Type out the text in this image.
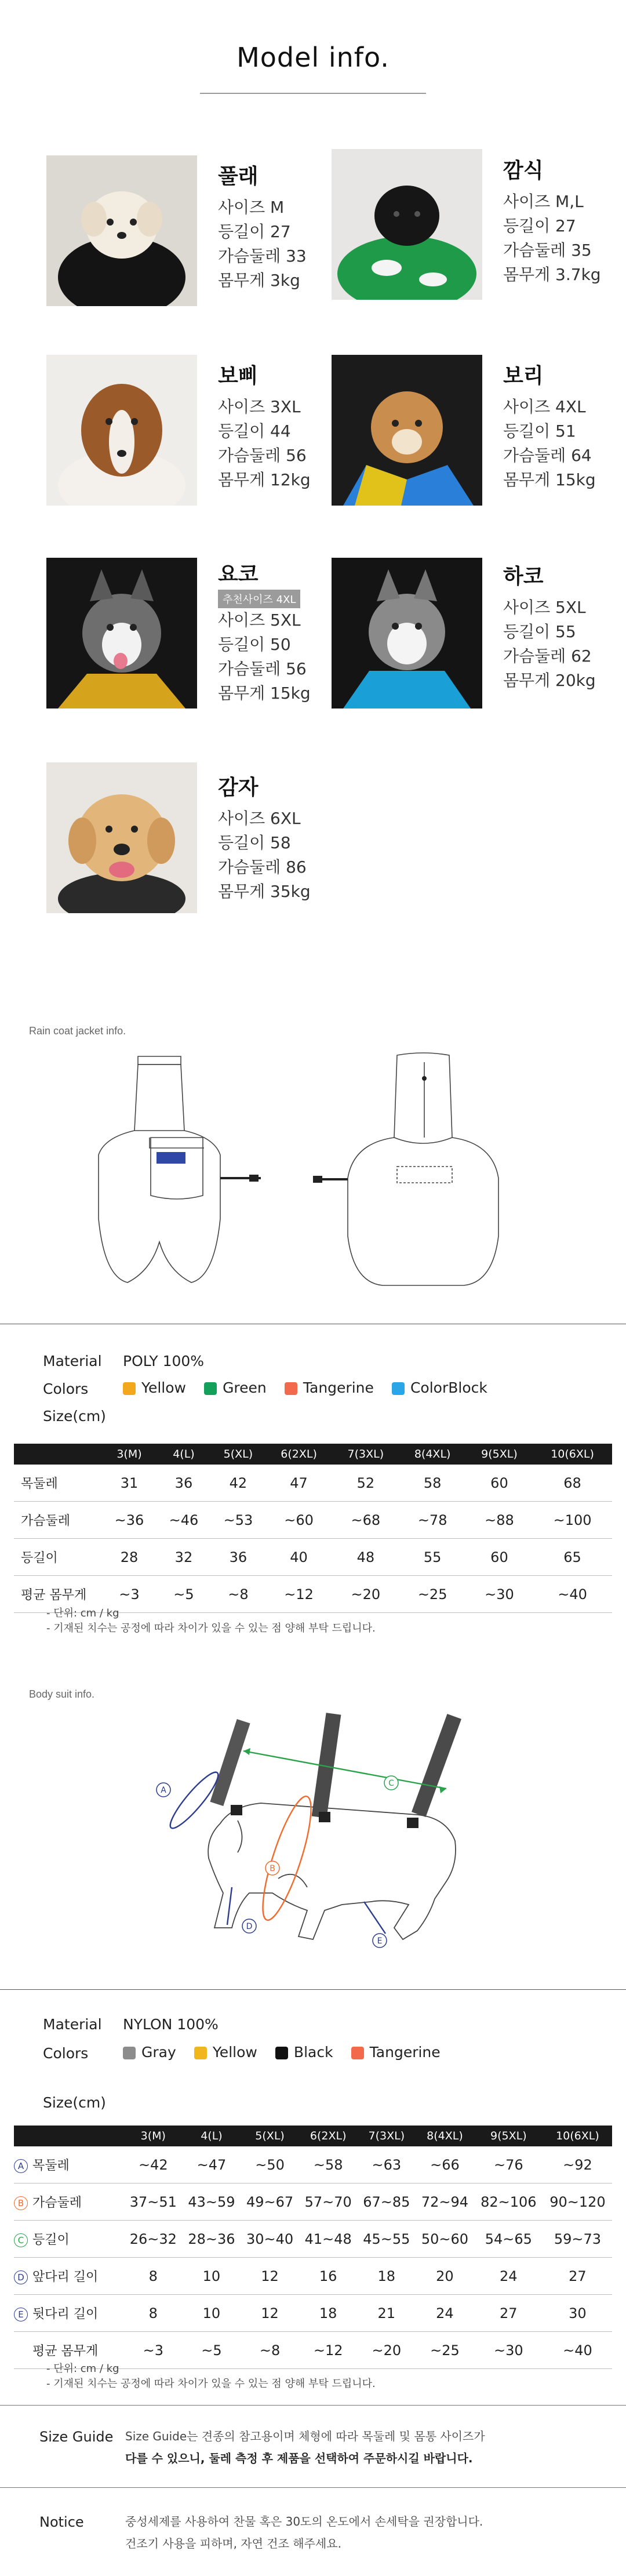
Model info.
풀래
사이즈 M
등길이 27
가슴둘레 33
몸무게 3kg
깜식
사이즈 M,L
등길이 27
가슴둘레 35
몸무게 3.7kg
보삐
사이즈 3XL
등길이 44
가슴둘레 56
몸무게 12kg
보리
사이즈 4XL
등길이 51
가슴둘레 64
몸무게 15kg
요코
추천사이즈 4XL
사이즈 5XL
등길이 50
가슴둘레 56
몸무게 15kg
하코
사이즈 5XL
등길이 55
가슴둘레 62
몸무게 20kg
감자
사이즈 6XL
등길이 58
가슴둘레 86
몸무게 35kg
Rain coat jacket info.
Material POLY 100%
Colors	Yellow	Green	Tangerine	ColorBlock
Size(cm)
	3(M)	4(L)	5(XL)	6(2XL)	7(3XL)	8(4XL)	9(5XL)	10(6XL)
목둘레	31	36	42	47	52	58	60	68
가슴둘레	~36	~46	~53	~60	~68	~78	~88	~100
등길이	28	32	36	40	48	55	60	65
평균 몸무게	~3	~5	~8	~12	~20	~25	~30	~40
- 단위: cm / kg
- 기재된 치수는 공정에 따라 차이가 있을 수 있는 점 양해 부탁 드립니다.
Body suit info.
A
B
C
D
E
Material NYLON 100%
Colors	Gray	Yellow	Black	Tangerine
Size(cm)
	3(M)	4(L)	5(XL)	6(2XL)	7(3XL)	8(4XL)	9(5XL)	10(6XL)
A 목둘레	~42	~47	~50	~58	~63	~66	~76	~92
B 가슴둘레	37~51	43~59	49~67	57~70	67~85	72~94	82~106	90~120
C 등길이	26~32	28~36	30~40	41~48	45~55	50~60	54~65	59~73
D 앞다리 길이	8	10	12	16	18	20	24	27
E 뒷다리 길이	8	10	12	18	21	24	27	30
평균 몸무게	~3	~5	~8	~12	~20	~25	~30	~40
- 단위: cm / kg
- 기재된 치수는 공정에 따라 차이가 있을 수 있는 점 양해 부탁 드립니다.
Size Guide Size Guide는 견종의 참고용이며 체형에 따라 목둘레 및 몸통 사이즈가
다를 수 있으니, 둘레 측정 후 제품을 선택하여 주문하시길 바랍니다.
Notice	중성세제를 사용하여 찬물 혹은 30도의 온도에서 손세탁을 권장합니다.
건조기 사용을 피하며, 자연 건조 해주세요.
